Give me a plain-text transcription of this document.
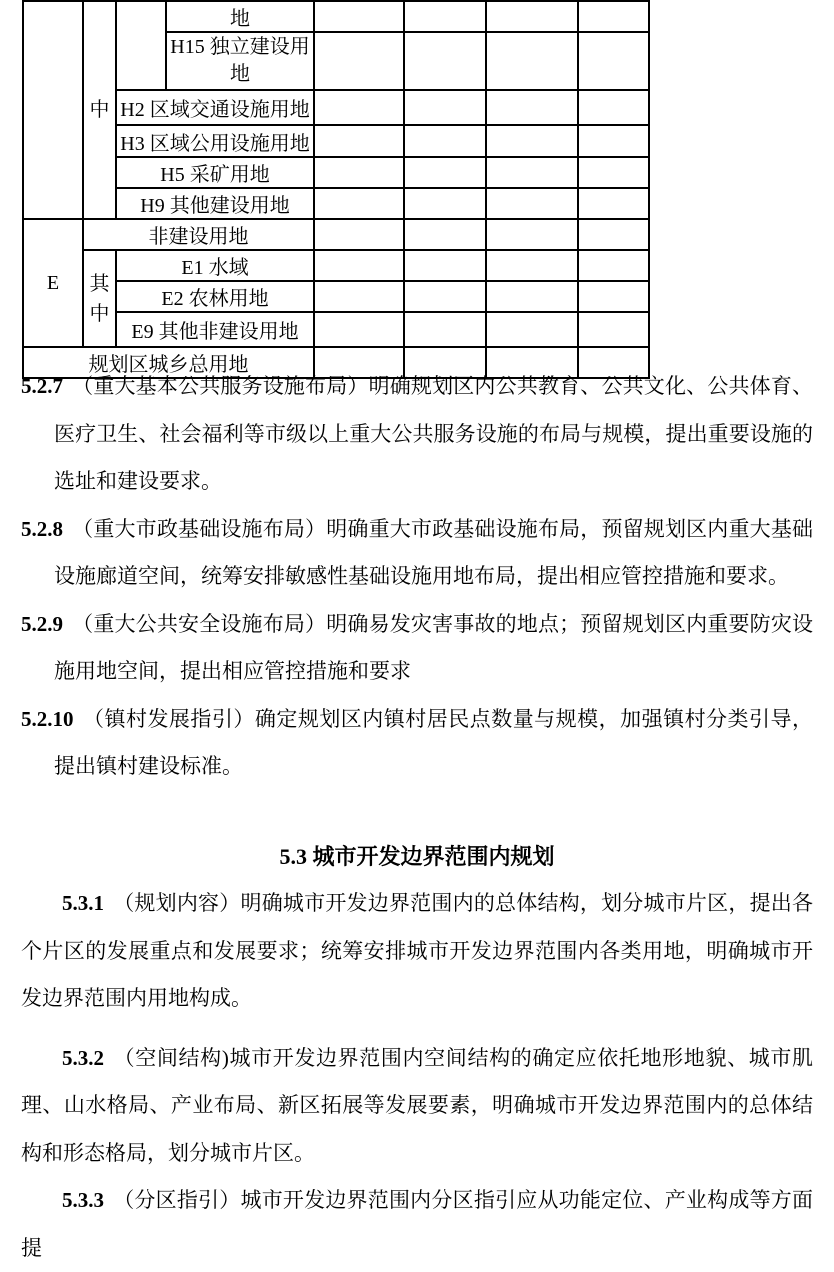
	中		地				
			H15 独立建设用地				
		H2 区域交通设施用地					
		H3 区域公用设施用地					
		H5 采矿用地					
		H9 其他建设用地					
E	非建设用地						
	其中	E1 水域					
		E2 农林用地					
		E9 其他非建设用地					
规划区城乡总用地							

5.2.7 （重大基本公共服务设施布局）明确规划区内公共教育、公共文化、公共体育、医疗卫生、社会福利等市级以上重大公共服务设施的布局与规模，提出重要设施的选址和建设要求。

5.2.8 （重大市政基础设施布局）明确重大市政基础设施布局，预留规划区内重大基础设施廊道空间，统筹安排敏感性基础设施用地布局，提出相应管控措施和要求。

5.2.9 （重大公共安全设施布局）明确易发灾害事故的地点；预留规划区内重要防灾设施用地空间，提出相应管控措施和要求

5.2.10 （镇村发展指引）确定规划区内镇村居民点数量与规模，加强镇村分类引导，提出镇村建设标准。

5.3 城市开发边界范围内规划

5.3.1 （规划内容）明确城市开发边界范围内的总体结构，划分城市片区，提出各个片区的发展重点和发展要求；统筹安排城市开发边界范围内各类用地，明确城市开发边界范围内用地构成。

5.3.2 （空间结构)城市开发边界范围内空间结构的确定应依托地形地貌、城市肌理、山水格局、产业布局、新区拓展等发展要素，明确城市开发边界范围内的总体结构和形态格局，划分城市片区。

5.3.3 （分区指引）城市开发边界范围内分区指引应从功能定位、产业构成等方面提
